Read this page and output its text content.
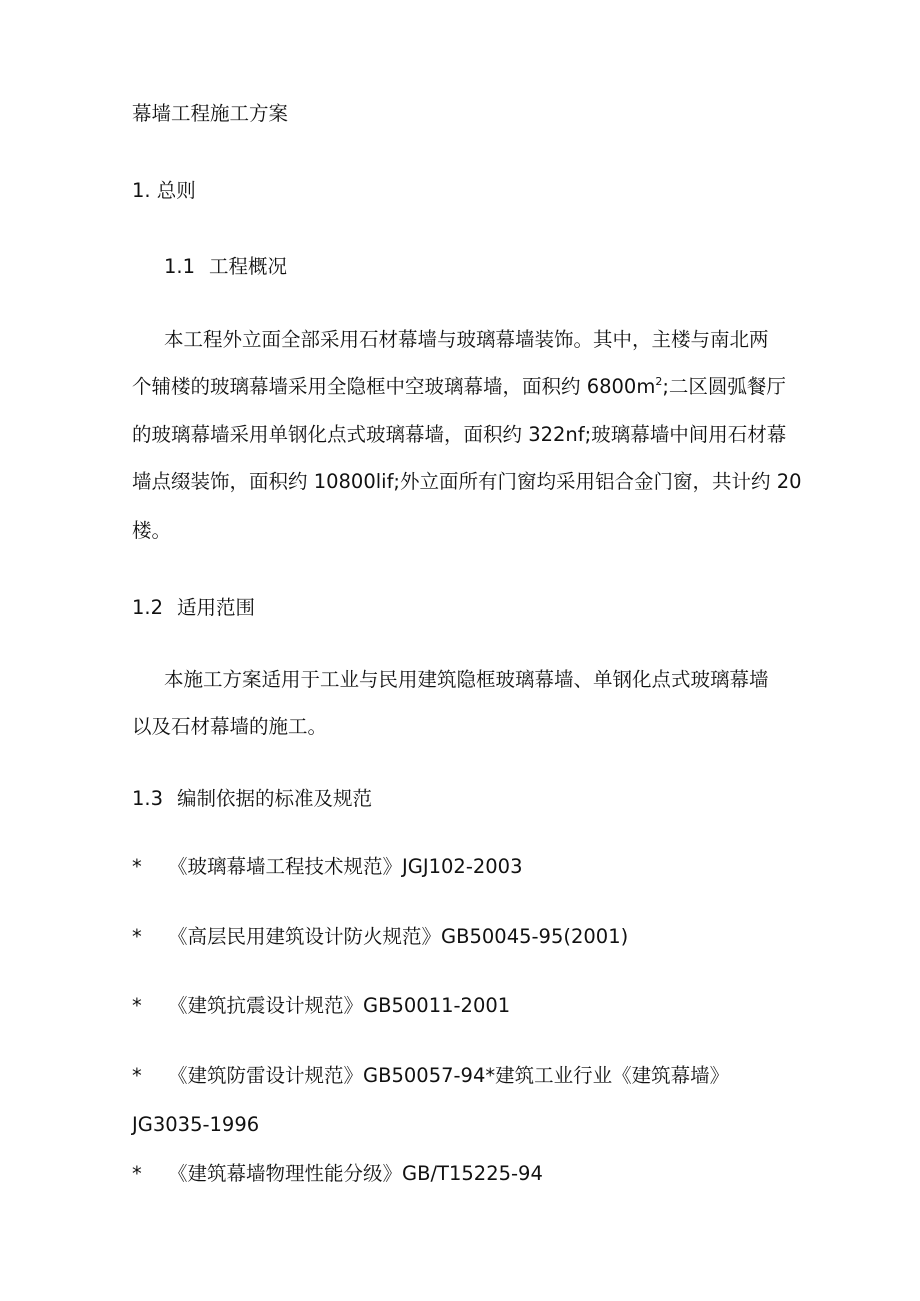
幕墙工程施工方案
1. 总则
1.1 工程概况
本工程外立面全部采用石材幕墙与玻璃幕墙装饰。其中，主楼与南北两
个辅楼的玻璃幕墙采用全隐框中空玻璃幕墙，面积约 $6800m^2$;二区圆弧餐厅
的玻璃幕墙采用单钢化点式玻璃幕墙，面积约 322nf;玻璃幕墙中间用石材幕
墙点缀装饰，面积约 10800lif;外立面所有门窗均采用铝合金门窗，共计约 20
楼。
1.2 适用范围
本施工方案适用于工业与民用建筑隐框玻璃幕墙、单钢化点式玻璃幕墙
以及石材幕墙的施工。
1.3 编制依据的标准及规范
* 《玻璃幕墙工程技术规范》JGJ102-2003
* 《高层民用建筑设计防火规范》GB50045-95(2001)
* 《建筑抗震设计规范》GB50011-2001
* 《建筑防雷设计规范》GB50057-94*建筑工业行业《建筑幕墙》
JG3035-1996
* 《建筑幕墙物理性能分级》GB/T15225-94
